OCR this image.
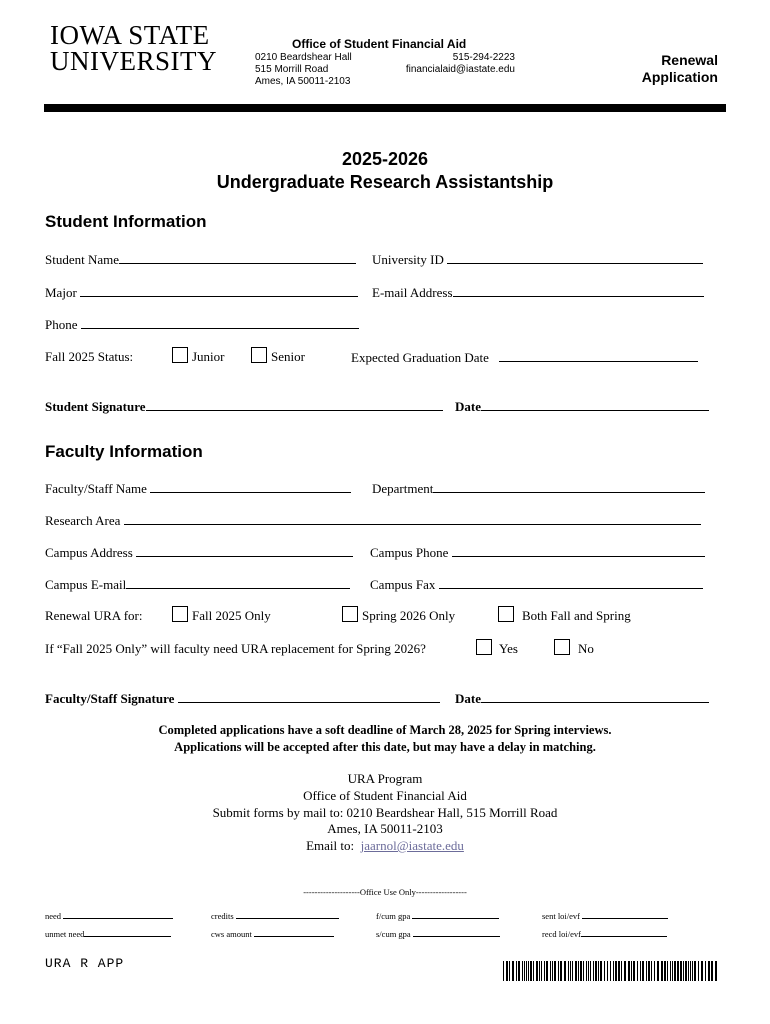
IOWA STATE
UNIVERSITY
Office of Student Financial Aid
0210 Beardshear Hall
515 Morrill Road
Ames, IA 50011-2103
515-294-2223
financialaid@iastate.edu
Renewal
Application
2025-2026
Undergraduate Research Assistantship
Student Information
Student Name	University ID
Major	E-mail Address
Phone
Fall 2025 Status:	Junior	Senior	Expected Graduation Date
Student Signature	Date
Faculty Information
Faculty/Staff Name	Department
Research Area
Campus Address	Campus Phone
Campus E-mail	Campus Fax
Renewal URA for:	Fall 2025 Only	Spring 2026 Only	Both Fall and Spring
If “Fall 2025 Only” will faculty need URA replacement for Spring 2026?	Yes	No
Faculty/Staff Signature	Date
Completed applications have a soft deadline of March 28, 2025 for Spring interviews.
Applications will be accepted after this date, but may have a delay in matching.
URA Program
Office of Student Financial Aid
Submit forms by mail to: 0210 Beardshear Hall, 515 Morrill Road
Ames, IA 50011-2103
Email to: jaarnol@iastate.edu
--------------------Office Use Only------------------
need	credits	f/cum gpa	sent loi/evf
unmet need	cws amount	s/cum gpa	recd loi/evf
URA R APP
